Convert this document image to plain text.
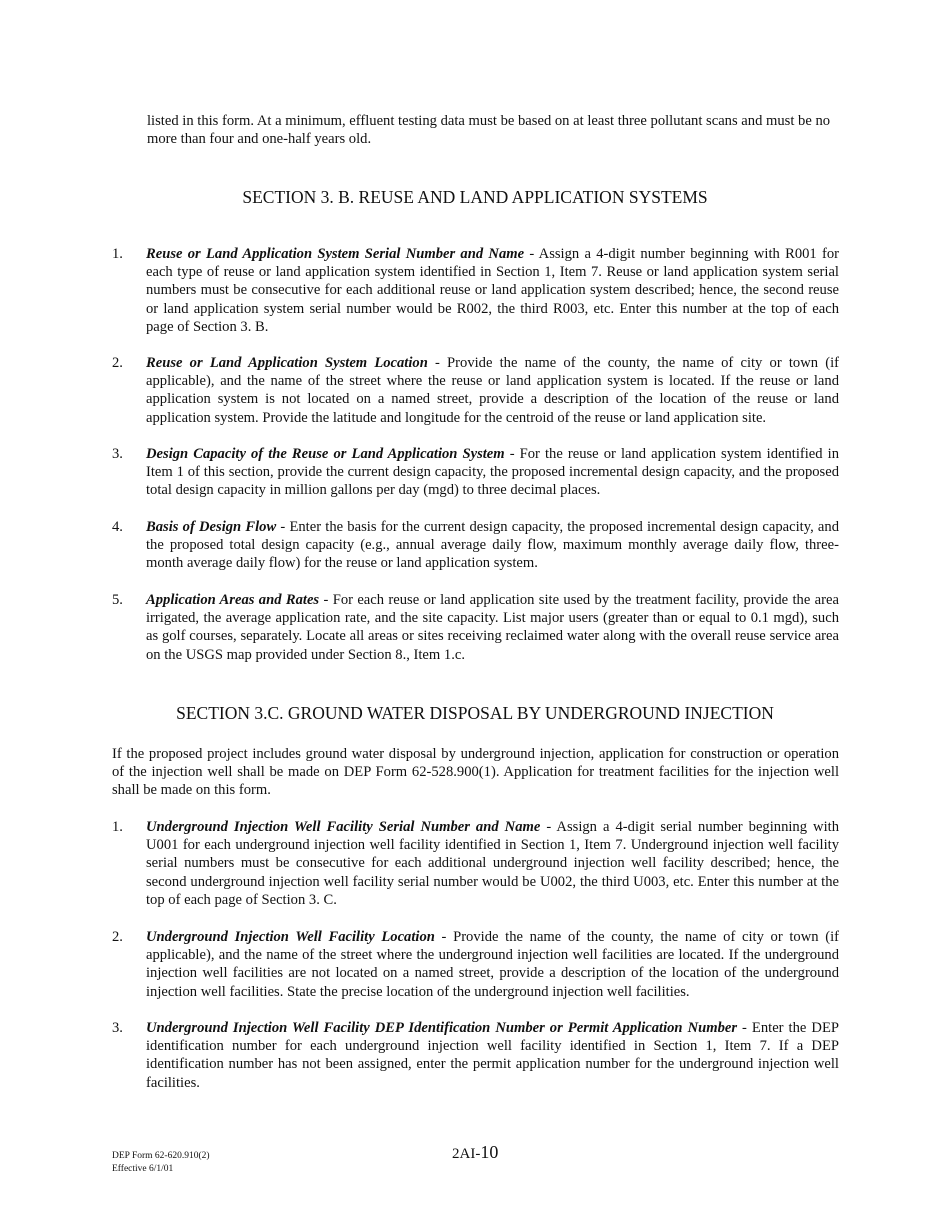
listed in this form. At a minimum, effluent testing data must be based on at least three pollutant scans and must be no more than four and one-half years old.
SECTION 3. B. REUSE AND LAND APPLICATION SYSTEMS
1.	Reuse or Land Application System Serial Number and Name - Assign a 4-digit number beginning with R001 for each type of reuse or land application system identified in Section 1, Item 7. Reuse or land application system serial numbers must be consecutive for each additional reuse or land application system described; hence, the second reuse or land application system serial number would be R002, the third R003, etc. Enter this number at the top of each page of Section 3. B.
2.	Reuse or Land Application System Location - Provide the name of the county, the name of city or town (if applicable), and the name of the street where the reuse or land application system is located. If the reuse or land application system is not located on a named street, provide a description of the location of the reuse or land application system. Provide the latitude and longitude for the centroid of the reuse or land application site.
3.	Design Capacity of the Reuse or Land Application System - For the reuse or land application system identified in Item 1 of this section, provide the current design capacity, the proposed incremental design capacity, and the proposed total design capacity in million gallons per day (mgd) to three decimal places.
4.	Basis of Design Flow - Enter the basis for the current design capacity, the proposed incremental design capacity, and the proposed total design capacity (e.g., annual average daily flow, maximum monthly average daily flow, three-month average daily flow) for the reuse or land application system.
5.	Application Areas and Rates - For each reuse or land application site used by the treatment facility, provide the area irrigated, the average application rate, and the site capacity. List major users (greater than or equal to 0.1 mgd), such as golf courses, separately. Locate all areas or sites receiving reclaimed water along with the overall reuse service area on the USGS map provided under Section 8., Item 1.c.
SECTION 3.C. GROUND WATER DISPOSAL BY UNDERGROUND INJECTION
If the proposed project includes ground water disposal by underground injection, application for construction or operation of the injection well shall be made on DEP Form 62-528.900(1). Application for treatment facilities for the injection well shall be made on this form.
1.	Underground Injection Well Facility Serial Number and Name - Assign a 4-digit serial number beginning with U001 for each underground injection well facility identified in Section 1, Item 7. Underground injection well facility serial numbers must be consecutive for each additional underground injection well facility described; hence, the second underground injection well facility serial number would be U002, the third U003, etc. Enter this number at the top of each page of Section 3. C.
2.	Underground Injection Well Facility Location - Provide the name of the county, the name of city or town (if applicable), and the name of the street where the underground injection well facilities are located. If the underground injection well facilities are not located on a named street, provide a description of the location of the underground injection well facilities. State the precise location of the underground injection well facilities.
3.	Underground Injection Well Facility DEP Identification Number or Permit Application Number - Enter the DEP identification number for each underground injection well facility identified in Section 1, Item 7. If a DEP identification number has not been assigned, enter the permit application number for the underground injection well facilities.
DEP Form 62-620.910(2)
Effective 6/1/01
2AI-10
